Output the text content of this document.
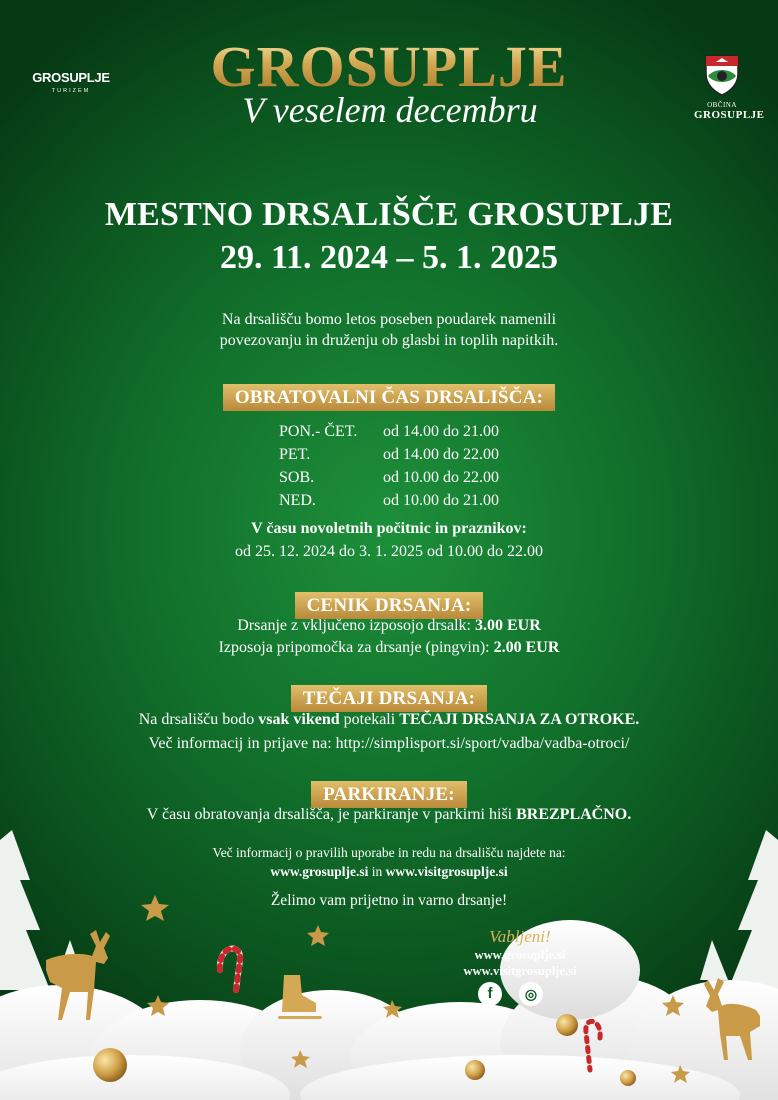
GROSUPLJE
TURIZEM	GROSUPLJE
V veselem decembru	OBČINA
GROSUPLJE
MESTNO DRSALIŠČE GROSUPLJE
29. 11. 2024 – 5. 1. 2025
Na drsališču bomo letos poseben poudarek namenili
povezovanju in druženju ob glasbi in toplih napitkih.
OBRATOVALNI ČAS DRSALIŠČA:
PON.- ČET.	od 14.00 do 21.00
PET.	od 14.00 do 22.00
SOB.	od 10.00 do 22.00
NED.	od 10.00 do 21.00
V času novoletnih počitnic in praznikov:
od 25. 12. 2024 do 3. 1. 2025 od 10.00 do 22.00
CENIK DRSANJA:
Drsanje z vključeno izposojo drsalk: 3.00 EUR
Izposoja pripomočka za drsanje (pingvin): 2.00 EUR
TEČAJI DRSANJA:
Na drsališču bodo vsak vikend potekali TEČAJI DRSANJA ZA OTROKE.
Več informacij in prijave na: http://simplisport.si/sport/vadba/vadba-otroci/
PARKIRANJE:
V času obratovanja drsališča, je parkiranje v parkirni hiši BREZPLAČNO.
Več informacij o pravilih uporabe in redu na drsališču najdete na:
www.grosuplje.si in www.visitgrosuplje.si
Želimo vam prijetno in varno drsanje!
Vabljeni!
www.grosuplje.si
www.visitgrosuplje.si
f	◎
